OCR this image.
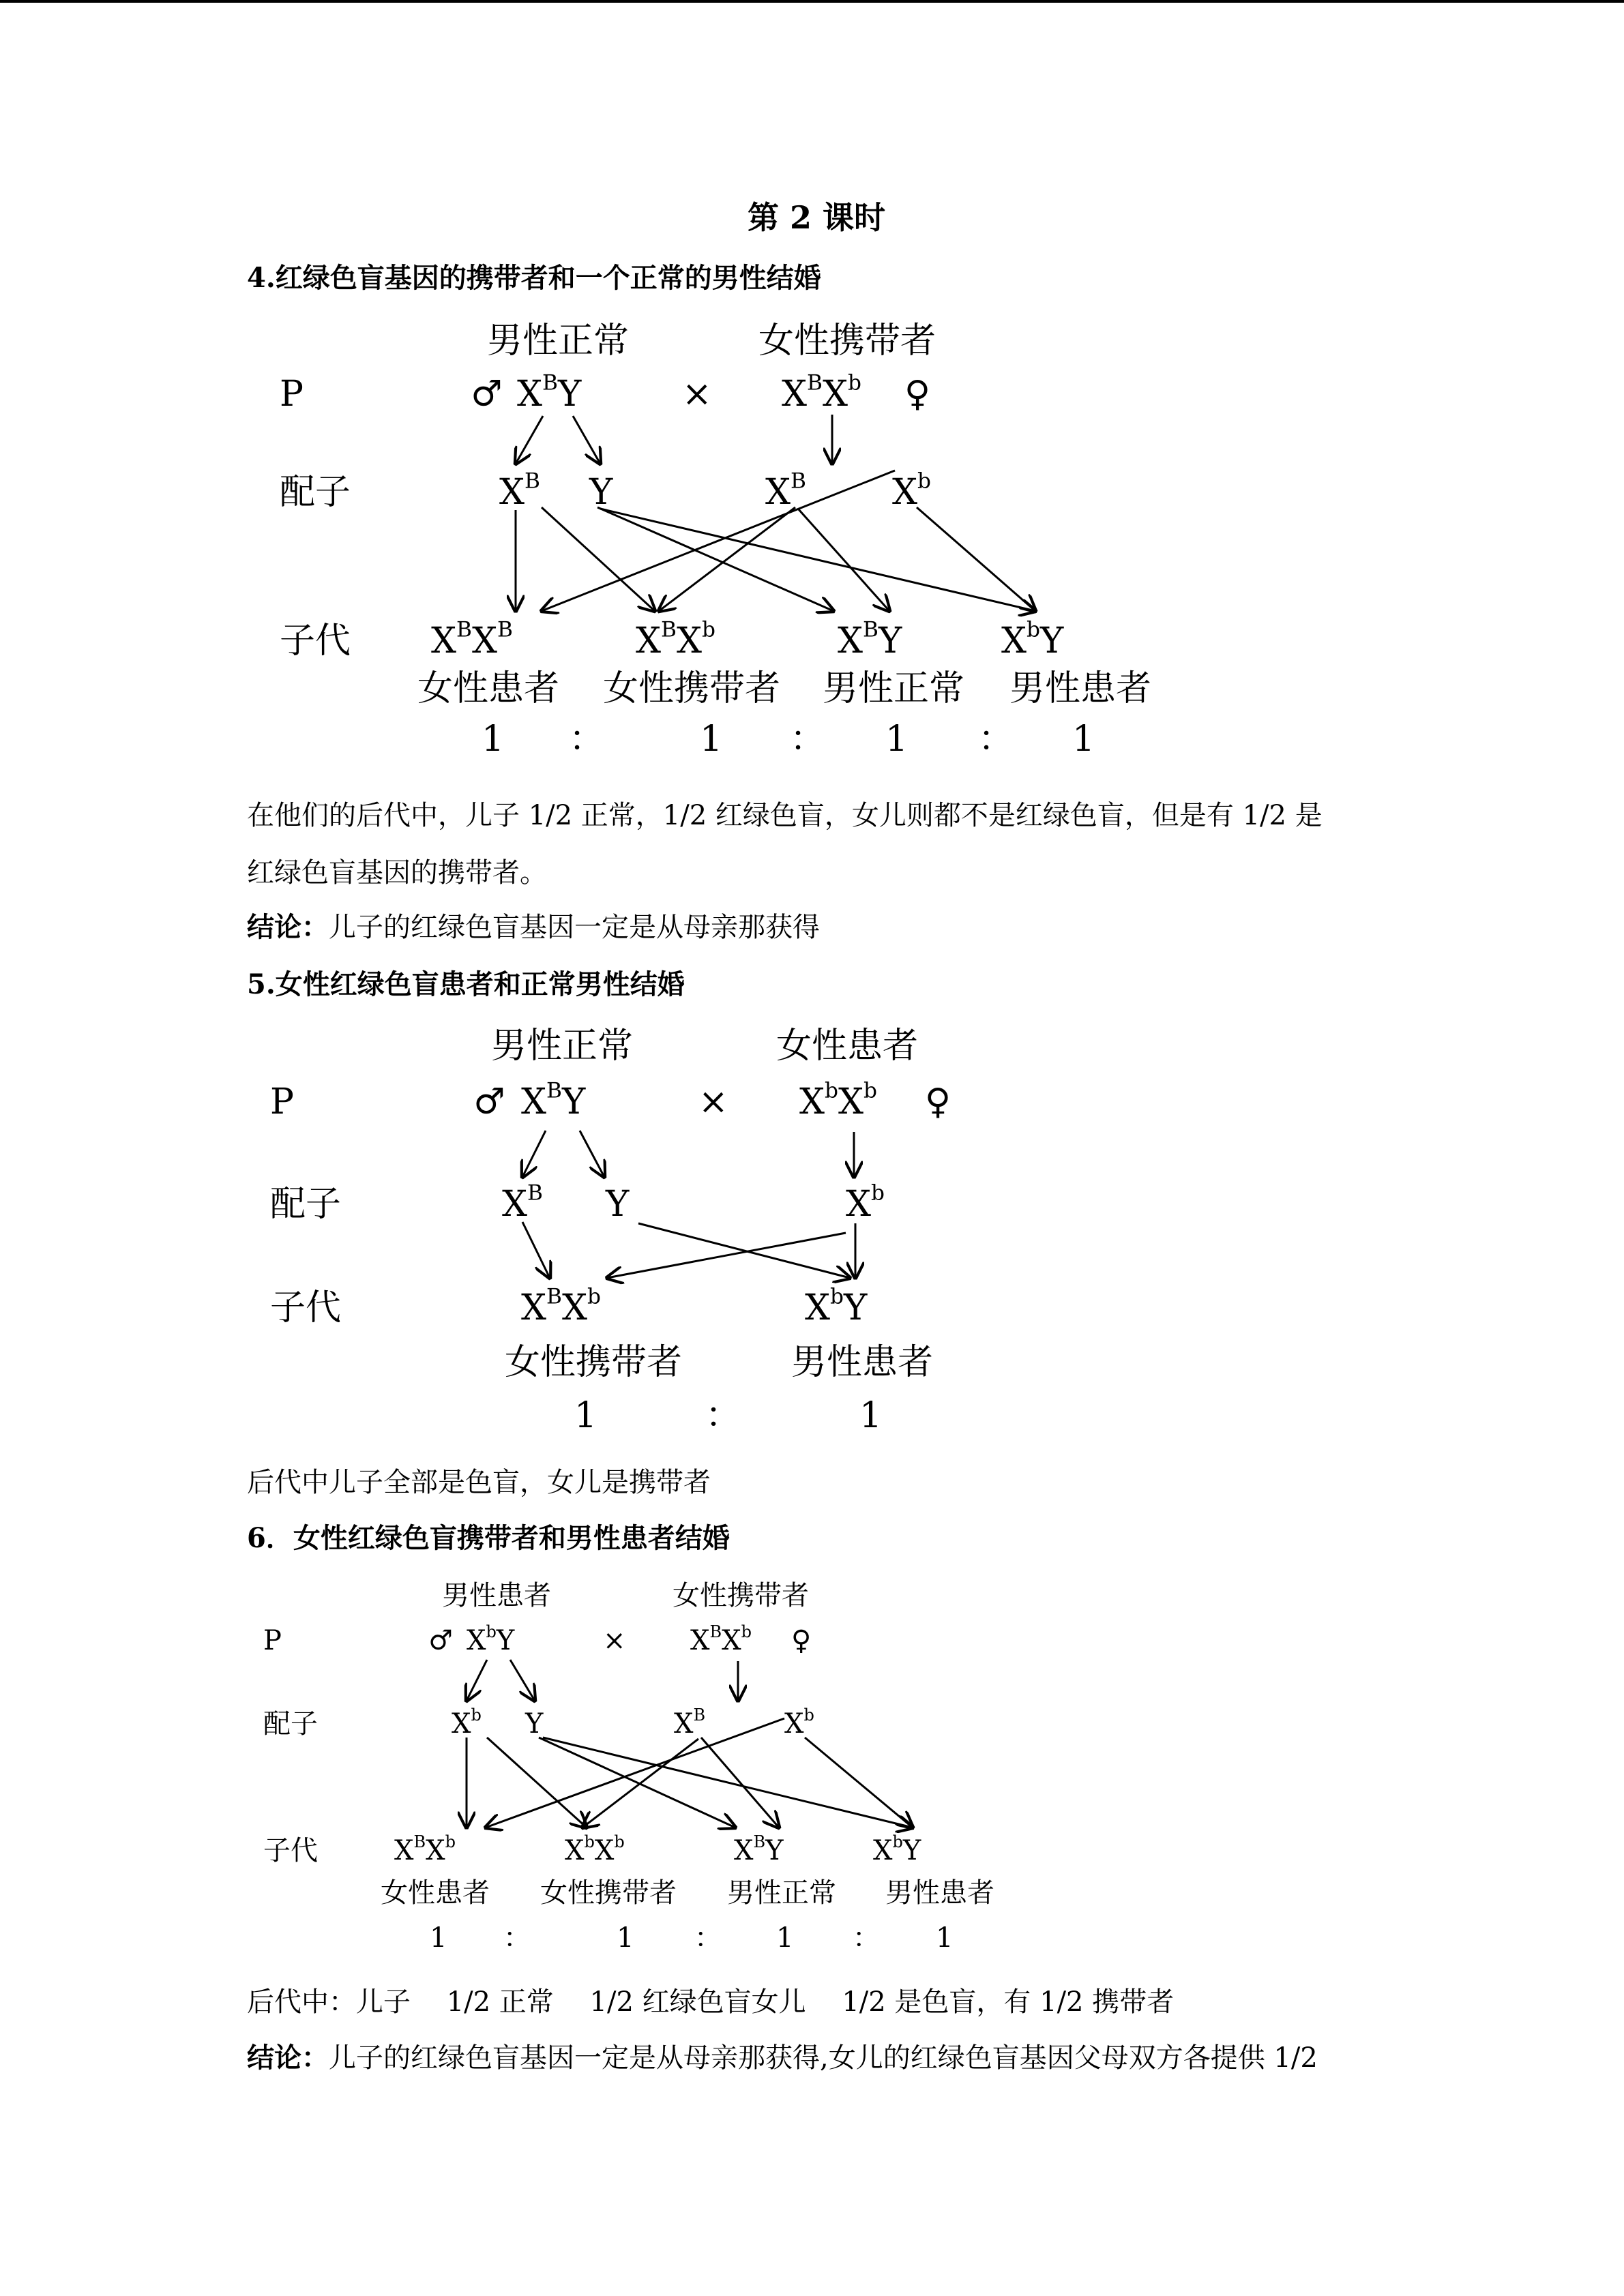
第 2 课时
4.红绿色盲基因的携带者和一个正常的男性结婚
男性正常	女性携带者
P	♂ $X^BY$	× $X^BX^b$ ♀
配子	$X^B$ Y	$X^B$ $X^b$
子代 $X^BX^B$	$X^BX^b$	$X^BY$	$X^bY$
女性患者 女性携带者 男性正常 男性患者
1 ：	1 ： 1 ： 1
在他们的后代中，儿子 1/2 正常，1/2 红绿色盲，女儿则都不是红绿色盲，但是有 1/2 是
红绿色盲基因的携带者。
结论：儿子的红绿色盲基因一定是从母亲那获得
5.女性红绿色盲患者和正常男性结婚
男性正常	女性患者
P	♂ $X^BY$	× $X^bX^b$ ♀
配子	$X^B$ Y	$X^b$
子代	$X^BX^b$	$X^bY$
女性携带者	男性患者
1	：	1
后代中儿子全部是色盲，女儿是携带者
6．女性红绿色盲携带者和男性患者结婚
男性患者	女性携带者
P	♂ $X^bY$	× $X^BX^b$ ♀
配子	$X^b$ Y	$X^B$	$X^b$
子代	$X^BX^b$	$X^bX^b$	$X^BY$	$X^bY$
女性患者 女性携带者 男性正常 男性患者
1 ：	1 ： 1 ： 1
后代中：儿子　 1/2 正常　 1/2 红绿色盲女儿　 1/2 是色盲，有 1/2 携带者
结论：儿子的红绿色盲基因一定是从母亲那获得,女儿的红绿色盲基因父母双方各提供 1/2
